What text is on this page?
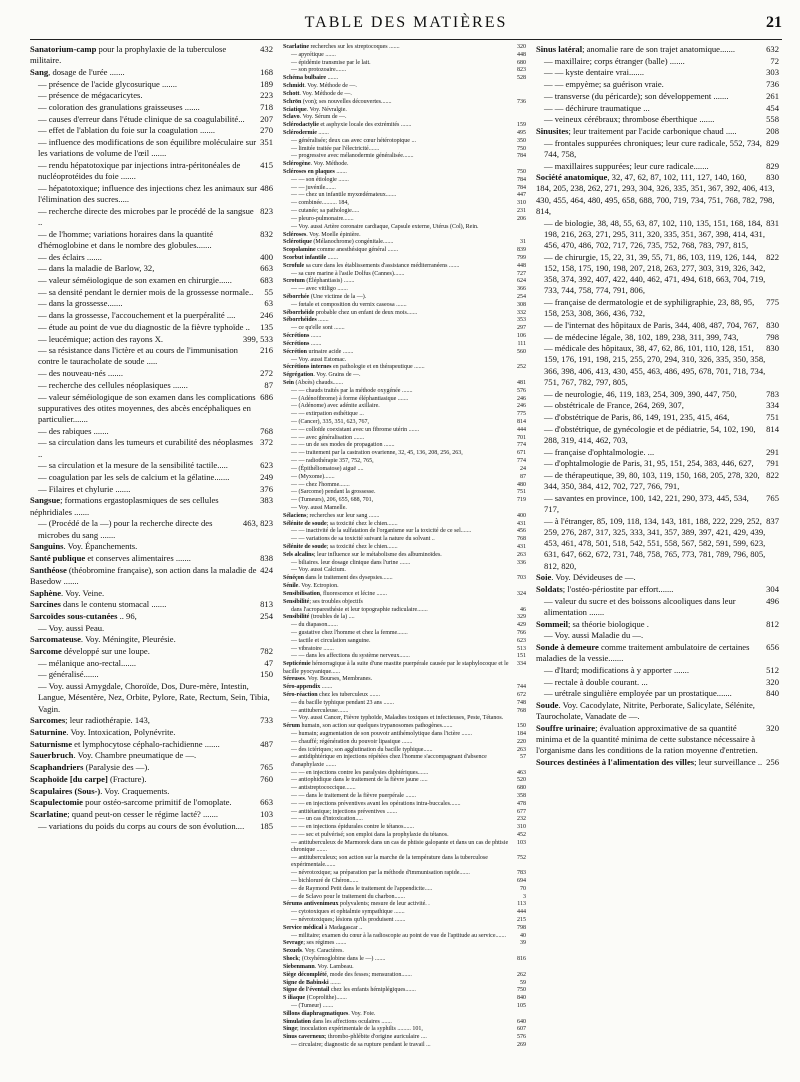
TABLE DES MATIÈRES	21
432
Sanatorium-camp pour la prophylaxie de la tuberculose militaire.
168
Sang, dosage de l'urée .......
189
— présence de l'acide glycosurique .......
223
— présence de mégacaricytes.
718
— coloration des granulations graisseuses .......
207
— causes d'erreur dans l'étude clinique de sa coagulabilité...
270
— effet de l'ablation du foie sur la coagulation .......
351
— influence des modifications de son équilibre moléculaire sur les variations de volume de l'œil .......
415
— rendu hépatotoxique par injections intra-péritonéales de nucléoprotéides du foie .......
486
— hépatotoxique; influence des injections chez les animaux sur l'élimination des sucres.....
823
— recherche directe des microbes par le procédé de la sangsue ..
832
— de l'homme; variations horaires dans la quantité d'hémoglobine et dans le nombre des globules.......
400
— des éclairs .......
663
— dans la maladie de Barlow, 32,
683
— valeur séméiologique de son examen en chirurgie......
55
— sa densité pendant le dernier mois de la grossesse normale..
63
— dans la grossesse.......
246
— dans la grossesse, l'accouchement et la puerpéralité ....
135
— étude au point de vue du diagnostic de la fièvre typhoïde ..
399, 533
— leucémique; action des rayons X.
216
— sa résistance dans l'ictère et au cours de l'immunisation contre le tauracholate de soude .....
272
— des nouveau-nés .......
87
— recherche des cellules néoplasiques .......
686
— valeur séméiologique de son examen dans les complications suppuratives des otites moyennes, des abcès encéphaliques en particulier.......
768
— des rabiques .......
372
— sa circulation dans les tumeurs et curabilité des néoplasmes ..
623
— sa circulation et la mesure de la sensibilité tactile.....
249
— coagulation par les sels de calcium et la gélatine.......
376
— Filaires et chylurie .......
383
Sangsue; formations ergastoplasmiques de ses cellules néphridiales .......
463, 823
— (Procédé de la —) pour la recherche directe des microbes du sang .......
Sanguins. Voy. Épanchements.
838
Santé publique et conserves alimentaires .......
424
Santhéose (théobromine française), son action dans la maladie de Basedow .......
Saphène. Voy. Veine.
813
Sarcines dans le contenu stomacal .......
254
Sarcoïdes sous-cutanées .. 96,
— Voy. aussi Peau.
Sarcomateuse. Voy. Méningite, Pleurésie.
782
Sarcome développé sur une loupe.
47
— mélanique ano-rectal.......
150
— généralisé.......
— Voy. aussi Amygdale, Choroïde, Dos, Dure-mère, Intestin, Langue, Mésentère, Nez, Orbite, Pylore, Rate, Rectum, Sein, Tibia, Vagin.
733
Sarcomes; leur radiothérapie. 143,
Saturnine. Voy. Intoxication, Polynévrite.
487
Saturnisme et lymphocytose céphalo-rachidienne .......
Sauerbruch. Voy. Chambre pneumatique de —.
765
Scaphandriers (Paralysie des —).
760
Scaphoïde [du carpe] (Fracture).
Scapulaires (Sous-). Voy. Craquements.
663
Scapulectomie pour ostéo-sarcome primitif de l'omoplate.
103
Scarlatine; quand peut-on cesser le régime lacté? .......
185
— variations du poids du corps au cours de son évolution....
320
Scarlatine recherches sur les streptocoques .......
448
— apyrétique .......
680
— épidémie transmise par le lait.
823
— son protozoaire.......
528
Schéma bulbaire .......
Schmidt. Voy. Méthode de —.
Schott. Voy. Méthode de —.
736
Schrön (von); ses nouvelles découvertes.......
Sciatique. Voy. Névralgie.
Sclavo. Voy. Sérum de —.
159
Sclérodactylie et asphyxie locale des extrémités .......
495
Sclérodermie .......
350
— généralisée; deux cas avec cœur hétérotopique ...
750
— limitée traitée par l'électricité.......
784
— progressive avec mélanodermie généralisée.......
Sclérogène. Voy. Méthode.
750
Scléroses en plaques .......
784
— — son étiologie .......
784
— — juvénile.......
447
— — chez un infantile myxœdémateux.......
310
— combinée.......... 184,
231
— cutanée; sa pathologie.....
206
— pleuro-pulmonaire.......
— Voy. aussi Artère coronaire cardiaque, Capsule externe, Utérus (Col), Rein.
Scléroses. Voy. Moelle épinière.
31
Sclérotique (Mélanochrome) congénitale.......
839
Scopolamine comme anesthésique général .......
799
Scorbut infantile .......
448
Scrofule sa cure dans les établissements d'assistance méditerranéens .......
727
— sa cure marine à l'asile Dolfus (Cannes).......
624
Scrotum (Éléphantiasis) .......
366
— — avec vitiligo .......
254
Séborrhée (Une victime de la —).
308
— fœtale et composition du vernix caseosa .......
332
Séborrhéide probable chez un enfant de deux mois.......
353
Séborrhéides .......
297
— ce qu'elle sont .......
106
Sécrétions .......
111
Sécrétions .......
560
Sécrétion urinaire acide .......
— Voy. aussi Estomac.
252
Sécrétions internes en pathologie et en thérapeutique .......
Ségrégation. Voy. Grains de —.
481
Sein (Abcès) chauds.......
576
— — chauds traités par la méthode oxygénée .......
246
— (Adénofibrome) à forme éléphantiasique .......
246
— (Adénome) avec adénite axillaire.
775
— — extirpation esthétique ...
814
— (Cancer), 335, 351, 623, 767,
444
— — colloïde coexistant avec un fibrome utérin .......
701
— — avec généralisation .......
774
— — un de ses modes de propagation .......
671
— — traitement par la castration ovarienne, 32, 45, 136, 208, 256, 263,
774
— — radiothérapie 357, 752, 765,
24
— (Épithéliomatose) aiguë ....
87
— (Myxome).......
480
— — chez l'homme.......
751
— (Sarcome) pendant la grossesse.
719
— (Tumeurs), 206, 655, 688, 701,
— Voy. aussi Mamelle.
400
Sélaciens; recherches sur leur sang .......
431
Sélénite de soude; sa toxicité chez le chien.......
456
— — inactivité de la sulfatation de l'organisme sur la toxicité de ce sel.......
768
— — variations de sa toxicité suivant la nature du solvant ..
431
Sélénite de soude; sa toxicité chez le chien.......
263
Sels alcalins; leur influence sur le métabolisme des albuminoïdes.
336
— biliaires. leur dosage clinique dans l'urine .......
— Voy. aussi Calcium.
703
Sénéçon dans le traitement des dysepsies.......
Sénile. Voy. Ectropion.
324
Sensibilisation, fluorescence et lécine .......
Sensibilité; ses troubles objectifs
46
dans l'acroparesthésie et leur topographie radiculaire.......
329
Sensibilité (troubles de la) ....
429
— du diapason.......
766
— gustative chez l'homme et chez la femme.......
623
— tactile et circulation sanguine.
513
— vibratoire .......
151
— — dans les affections du système nerveux.......
334
Septicémie hémorragique à la suite d'une mastite puerpérale causée par le staphylocoque et le bacille pyocyanique......
Séreuses. Voy. Bourses, Membranes.
744
Séro-appendix .......
672
Séro-réaction chez les tuberculeux .......
748
— du bacille typhique pendant 23 ans .......
768
— antituberculeuse.......
— Voy. aussi Cancer, Fièvre typhoïde, Maladies toxiques et infectieuses, Peste, Tétanos.
150
Sérum humain, son action sur quelques trypanosomes pathogènes.......
184
— humain; augmentation de son pouvoir antihémolytique dans l'ictère .......
220
— chauffé; régénération du pouvoir lipasique .......
263
— des ictériques; son agglutination du bacille typhique......
57
— antidiphtérique en injections répétées chez l'homme s'accompagnant d'absence d'anaphylaxie .......
463
— — en injections contre les paralysies diphtériques.......
520
— antiophidique dans le traitement de la fièvre jaune .....
680
— antistreptococcique.......
358
— — dans le traitement de la fièvre puerpérale .......
478
— — en injections préventives avant les opérations intra-buccales.......
677
— antitétanique; injections préventives .......
232
— — un cas d'intoxication.....
310
— — en injections épidurales contre le tétanos.......
452
— — sec et pulvérisé; son emploi dans la prophylaxie du tétanos.
103
— antituberculeux de Marmorek dans un cas de phtisie galopante et dans un cas de phtisie chronique .......
752
— antituberculeux; son action sur la marche de la température dans la tuberculose expérimentale.......
783
— névrotoxique; sa préparation par la méthode d'immunisation rapide.......
694
— bichloruré de Chéron......
70
— de Raymond Petit dans le traitement de l'appendicite.....
3
— de Sclavo pour le traitement du charbon.......
113
Sérums antivenimeux polyvalents; mesure de leur activité. .
444
— cytotoxiques et ophtalmie sympathique .......
215
— névrotoxiques; lésions qu'ils produisent .......
798
Service médical à Madagascar ..
40
— militaire; examen du cœur à la radioscopie au point de vue de l'aptitude au service.......
39
Sevrage; ses régimes .......
Sexuels. Voy. Caractères.
816
Shock; (Oxyhémoglobine dans le —) .......
Siebenmann. Voy. Lambeau.
262
Siège décomplété, mode des fesses; mensuration.......
59
Signe de Babinski .......
750
Signe de l'éventail chez les enfants hémiplégiques.......
840
S iliaque (Coprolithe).......
105
— (Tumeur) .......
Sillons diaphragmatiques. Voy. Foie.
640
Simulation dans les affections oculaires .......
607
Singe; inoculation expérimentale de la syphilis ......... 101,
576
Sinus caverneux; thrombo-phlébite d'origine auriculaire ....
269
— circulaire; diagnostic de sa rupture pendant le travail ...
632
Sinus latéral; anomalie rare de son trajet anatomique.......
72
— maxillaire; corps étranger (balle) .......
303
— — kyste dentaire vrai.......
736
— — empyème; sa guérison vraie.
261
— transverse (du péricarde); son développement .......
454
— — déchirure traumatique ...
558
— veineux cérébraux; thrombose éberthique .......
208
Sinusites; leur traitement par l'acide carbonique chaud .....
829
— frontales suppurées chroniques; leur cure radicale, 552, 734, 744, 758,
829
— maxillaires suppurées; leur cure radicale.......
830
Société anatomique, 32, 47, 62, 87, 102, 111, 127, 140, 160, 184, 205, 238, 262, 271, 293, 304, 326, 335, 351, 367, 392, 406, 413, 430, 455, 464, 480, 495, 658, 688, 700, 719, 734, 751, 768, 782, 798, 814,
831
— de biologie, 38, 48, 55, 63, 87, 102, 110, 135, 151, 168, 184, 198, 216, 263, 271, 295, 311, 320, 335, 351, 367, 398, 414, 431, 456, 470, 486, 702, 717, 726, 735, 752, 768, 783, 797, 815,
822
— de chirurgie, 15, 22, 31, 39, 55, 71, 86, 103, 119, 126, 144, 152, 158, 175, 190, 198, 207, 218, 263, 277, 303, 319, 326, 342, 358, 374, 392, 407, 422, 440, 462, 471, 494, 618, 663, 704, 719, 733, 744, 758, 774, 791, 806,
775
— française de dermatologie et de syphiligraphie, 23, 88, 95, 158, 253, 308, 366, 436, 732,
830
— de l'internat des hôpitaux de Paris, 344, 408, 487, 704, 767,
798
— de médecine légale, 38, 102, 189, 238, 311, 399, 743,
830
— médicale des hôpitaux, 38, 47, 62, 86, 101, 110, 128, 151, 159, 176, 191, 198, 215, 255, 270, 294, 310, 326, 335, 350, 358, 366, 398, 406, 413, 430, 455, 463, 486, 495, 678, 701, 718, 734, 751, 767, 782, 797, 805,
783
— de neurologie, 46, 119, 183, 254, 309, 390, 447, 750,
334
— obstétricale de France, 264, 269, 307,
751
— d'obstétrique de Paris, 86, 149, 191, 235, 415, 464,
814
— d'obstétrique, de gynécologie et de pédiatrie, 54, 102, 190, 288, 319, 414, 462, 703,
291
— française d'ophtalmologie. ...
791
— d'ophtalmologie de Paris, 31, 95, 151, 254, 383, 446, 627,
822
— de thérapeutique, 39, 80, 103, 119, 150, 168, 205, 278, 320, 344, 350, 384, 412, 702, 727, 766, 791,
765
— savantes en province, 100, 142, 221, 290, 373, 445, 534, 717,
837
— à l'étranger, 85, 109, 118, 134, 143, 181, 188, 222, 229, 252, 259, 276, 287, 317, 325, 333, 341, 357, 389, 397, 421, 429, 439, 453, 461, 478, 501, 518, 542, 551, 558, 567, 582, 591, 599, 623, 631, 647, 662, 672, 731, 748, 758, 765, 773, 781, 789, 796, 805, 812, 820,
Soie. Voy. Dévideuses de —.
304
Soldats; l'ostéo-périostite par effort.......
496
— valeur du sucre et des boissons alcooliques dans leur alimentation .......
812
Sommeil; sa théorie biologique .
— Voy. aussi Maladie du —.
656
Sonde à demeure comme traitement ambulatoire de certaines maladies de la vessie.......
512
— d'Itard; modifications à y apporter .......
320
— rectale à double courant. ...
840
— urétrale singulière employée par un prostatique.......
Soude. Voy. Cacodylate, Nitrite, Perborate, Salicylate, Sélénite, Taurocholate, Vanadate de —.
320
Souffre urinaire; évaluation approximative de sa quantité minima et de la quantité minima de cette substance nécessaire à l'organisme dans les conditions de la ration moyenne d'entretien.
256
Sources destinées à l'alimentation des villes; leur surveillance ..
